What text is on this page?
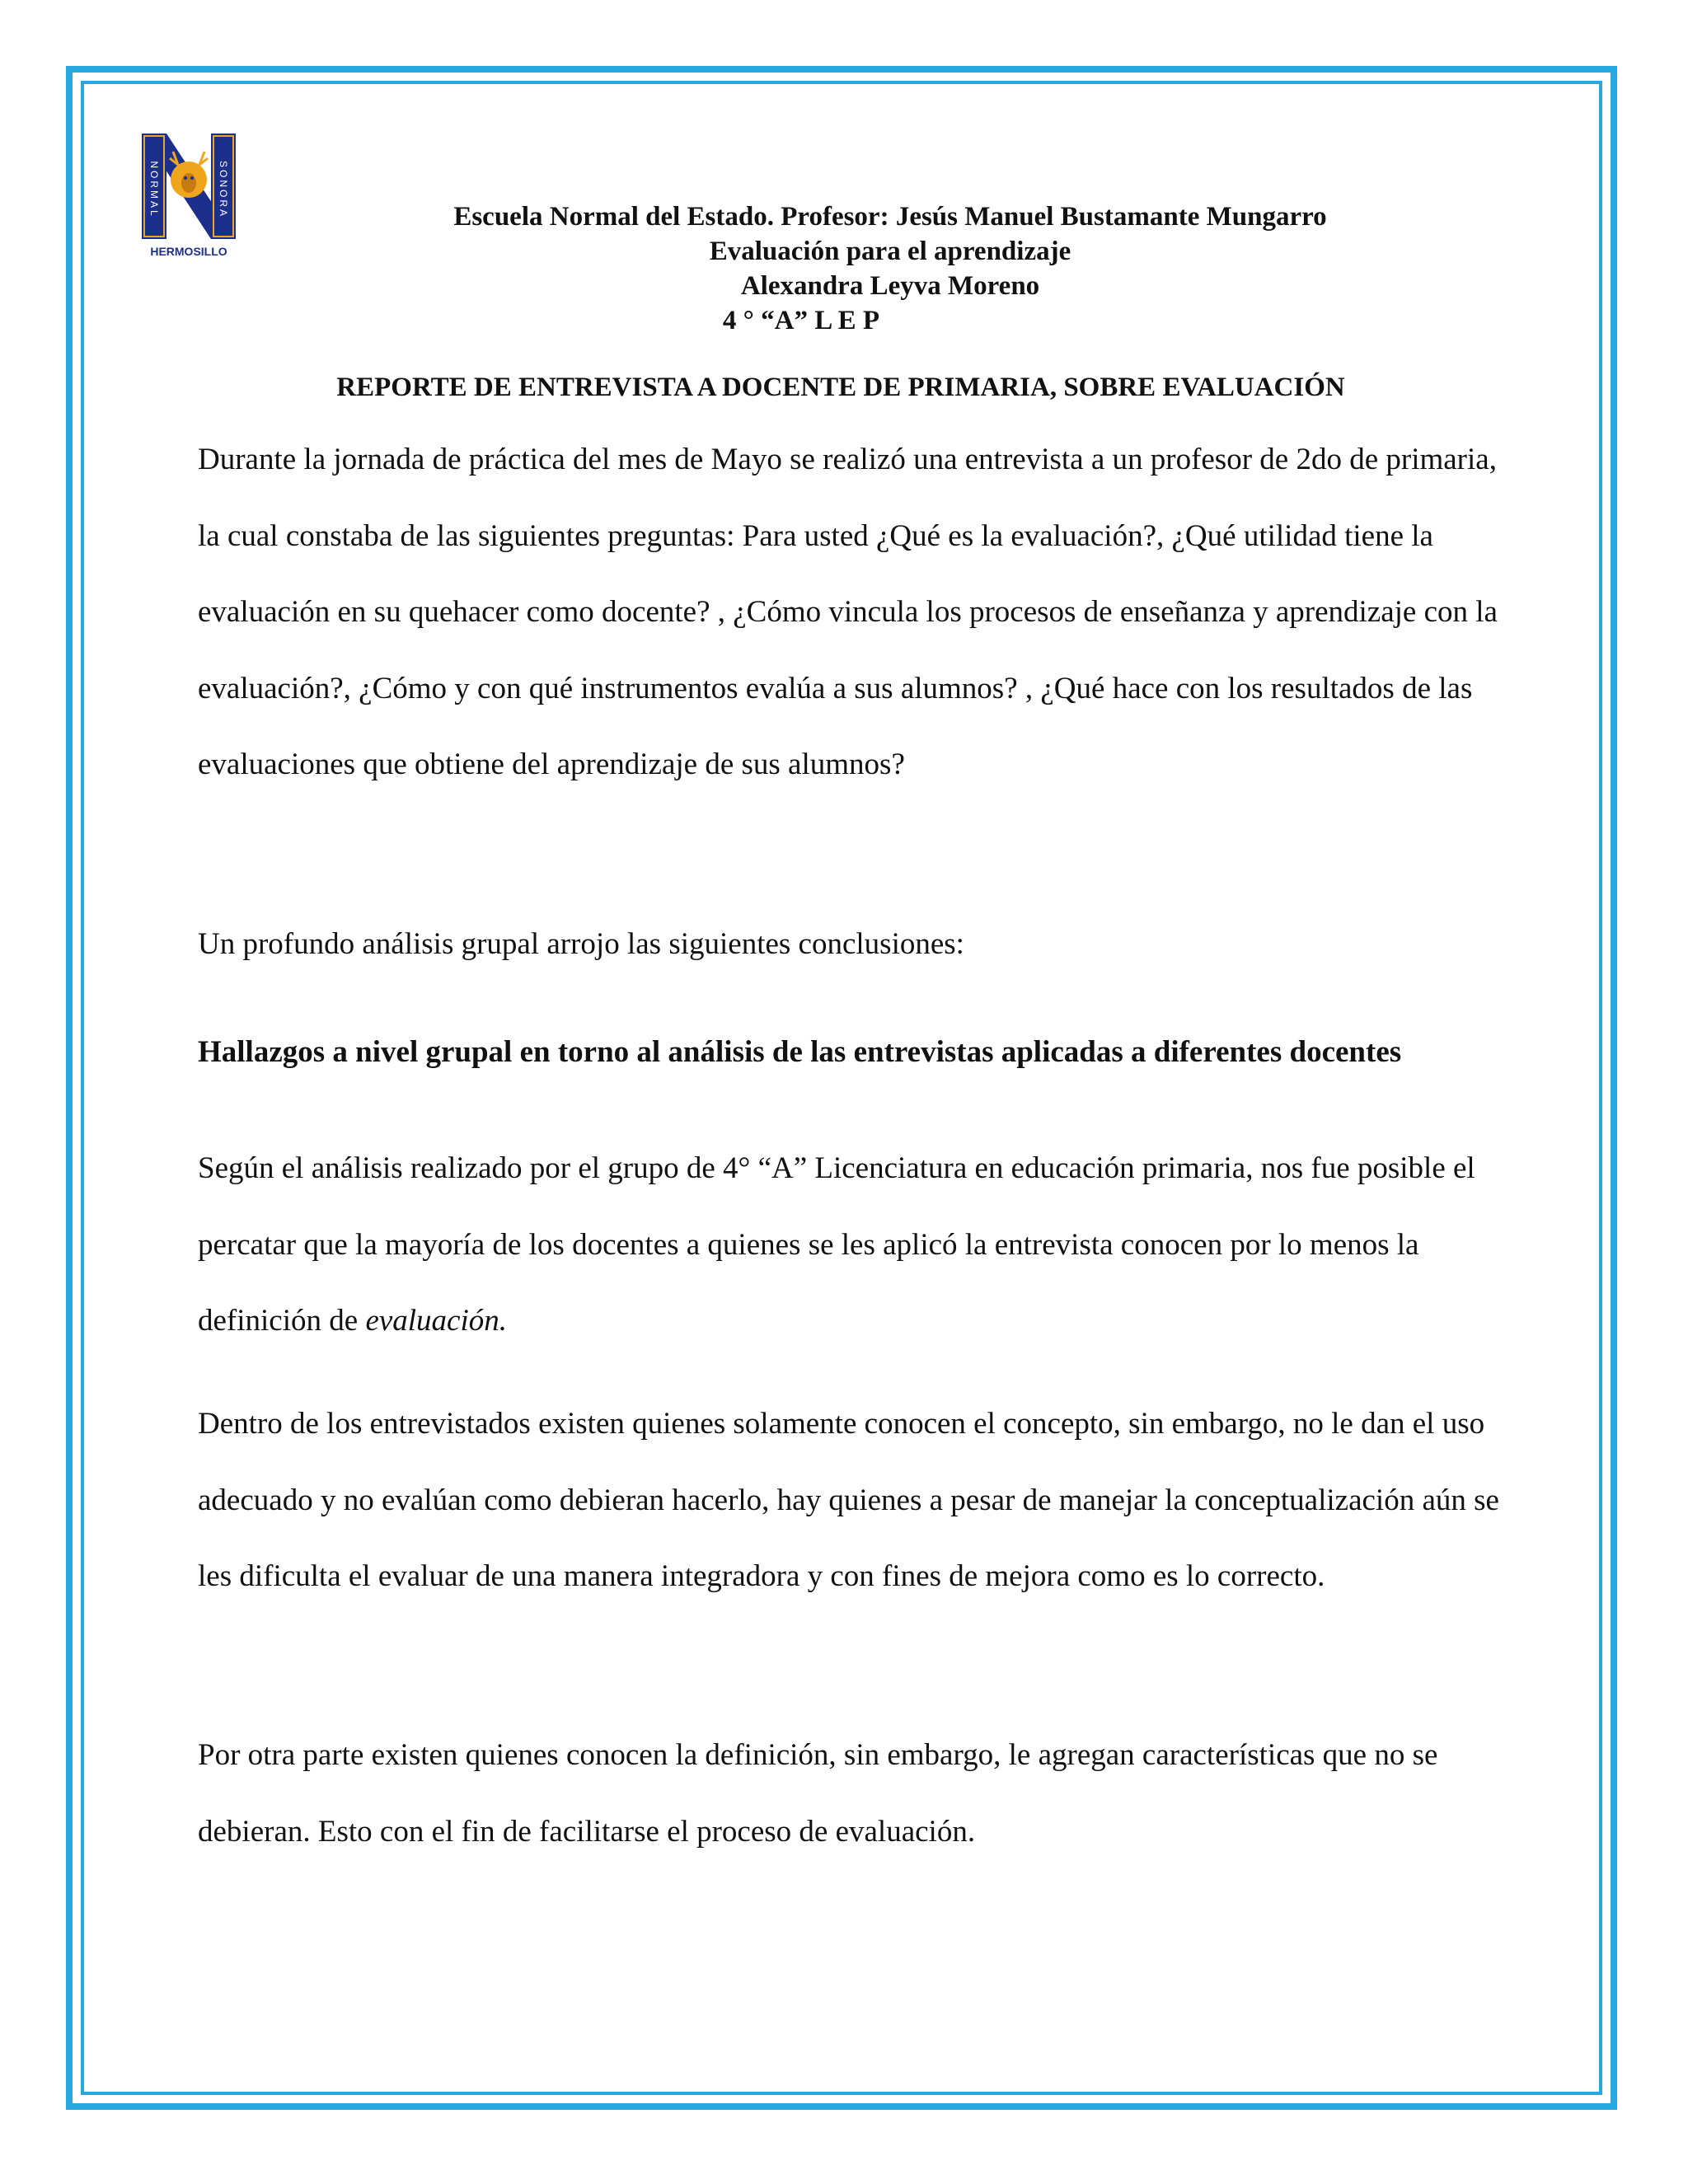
NORMAL	SONORA
HERMOSILLO
Escuela Normal del Estado. Profesor: Jesús Manuel Bustamante Mungarro
Evaluación para el aprendizaje
Alexandra Leyva Moreno
4 ° “A” L E P
REPORTE DE ENTREVISTA A DOCENTE DE PRIMARIA, SOBRE EVALUACIÓN

Durante la jornada de práctica del mes de Mayo se realizó una entrevista a un profesor de 2do de primaria, la cual constaba de las siguientes preguntas: Para usted ¿Qué es la evaluación?, ¿Qué utilidad tiene la evaluación en su quehacer como docente? , ¿Cómo vincula los procesos de enseñanza y aprendizaje con la evaluación?, ¿Cómo y con qué instrumentos evalúa a sus alumnos? , ¿Qué hace con los resultados de las evaluaciones que obtiene del aprendizaje de sus alumnos?

Un profundo análisis grupal arrojo las siguientes conclusiones:

Hallazgos a nivel grupal en torno al análisis de las entrevistas aplicadas a diferentes docentes

Según el análisis realizado por el grupo de 4° “A” Licenciatura en educación primaria, nos fue posible el percatar que la mayoría de los docentes a quienes se les aplicó la entrevista conocen por lo menos la definición de evaluación.

Dentro de los entrevistados existen quienes solamente conocen el concepto, sin embargo, no le dan el uso adecuado y no evalúan como debieran hacerlo, hay quienes a pesar de manejar la conceptualización aún se les dificulta el evaluar de una manera integradora y con fines de mejora como es lo correcto.

Por otra parte existen quienes conocen la definición, sin embargo, le agregan características que no se debieran. Esto con el fin de facilitarse el proceso de evaluación.
